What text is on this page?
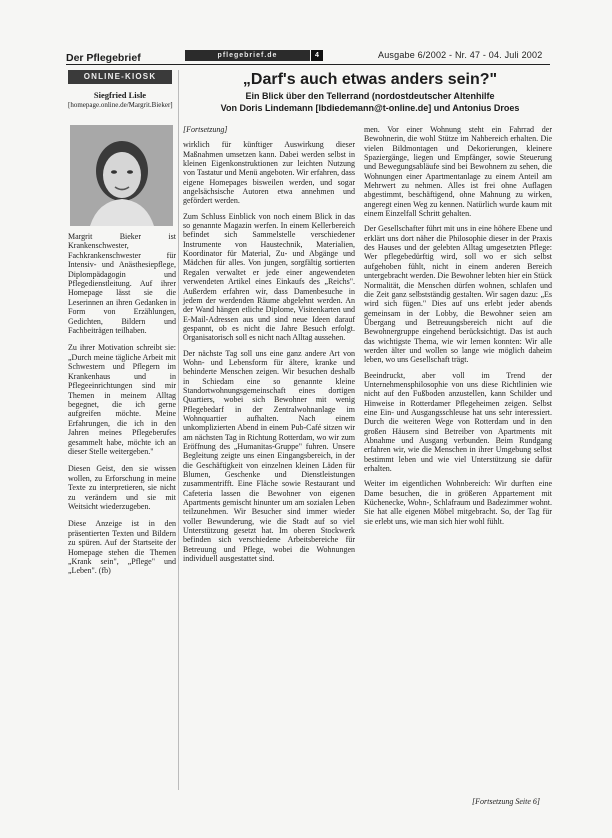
Der Pflegebrief	pflegebrief.de	4	Ausgabe 6/2002 - Nr. 47 - 04. Juli 2002
ONLINE-KIOSK
Siegfried Lisle
[homepage.online.de/Margrit.Bieker]

Margrit Bieker ist Krankenschwester, Fachkrankenschwester für Intensiv- und Anästhesiepflege, Diplompädagogin und Pflegedienstleitung. Auf ihrer Homepage lässt sie die Leserinnen an ihren Gedanken in Form von Erzählungen, Gedichten, Bildern und Fachbeiträgen teilhaben.

Zu ihrer Motivation schreibt sie: „Durch meine tägliche Arbeit mit Schwestern und Pflegern im Krankenhaus und in Pflegeeinrichtungen sind mir Themen in meinem Alltag begegnet, die ich gerne aufgreifen möchte. Meine Erfahrungen, die ich in den Jahren meines Pflegeberufes gesammelt habe, möchte ich an dieser Stelle weitergeben."

Diesen Geist, den sie wissen wollen, zu Erforschung in meine Texte zu interpretieren, sie nicht zu verändern und sie mit Weitsicht wiederzugeben.

Diese Anzeige ist in den präsentierten Texten und Bildern zu spüren. Auf der Startseite der Homepage stehen die Themen „Krank sein", „Pflege" und „Leben". (fb)

„Darf's auch etwas anders sein?"
Ein Blick über den Tellerrand (nordostdeutscher Altenhilfe
Von Doris Lindemann [lbdiedemann@t-online.de] und Antonius Droes

[Fortsetzung]

wirklich für künftiger Auswirkung dieser Maßnahmen umsetzen kann. Dabei werden selbst in kleinen Eigenkonstruktionen zur leichten Nutzung von Tastatur und Menü angeboten. Wir erfahren, dass eigene Homepages bisweilen werden, und sogar angelsächsische Autoren etwa annehmen und gefördert werden.

Zum Schluss Einblick von noch einem Blick in das so genannte Magazin werfen. In einem Kellerbereich befindet sich Sammelstelle verschiedener Instrumente von Haustechnik, Materialien, Koordinator für Material, Zu- und Abgänge und Mädchen für alles. Von jungen, sorgfältig sortierten Regalen verwaltet er jede einer angewendeten verwendeten Artikel eines Einkaufs des „Reichs". Außerdem erfahren wir, dass Damenbesuche in jedem der werdenden Räume abgelehnt werden. An der Wand hängen etliche Diplome, Visitenkarten und E-Mail-Adressen aus und sind neue Ideen darauf gespannt, ob es nicht die Jahre Besuch erfolgt. Organisatorisch soll es nicht nach Alltag aussehen.

Der nächste Tag soll uns eine ganz andere Art von Wohn- und Lebensform für ältere, kranke und behinderte Menschen zeigen. Wir besuchen deshalb in Schiedam eine so genannte kleine Standortwohnungsgemeinschaft eines dortigen Quartiers, wobei sich Bewohner mit wenig Pflegebedarf in der Zentralwohnanlage im Wohnquartier aufhalten. Nach einem unkomplizierten Abend in einem Pub-Café sitzen wir am nächsten Tag in Richtung Rotterdam, wo wir zum Eröffnung des „Humanitas-Gruppe" fuhren. Unsere Begleitung zeigte uns einen Eingangsbereich, in der die Geschäftigkeit von einzelnen kleinen Läden für Blumen, Geschenke und Dienstleistungen zusammentrifft. Eine Fläche sowie Restaurant und Cafeteria lassen die Bewohner von eigenen Apartments gemischt hinunter um am sozialen Leben teilzunehmen. Wir Besucher sind immer wieder voller Bewunderung, wie die Stadt auf so viel Unterstützung gesetzt hat. Im oberen Stockwerk befinden sich verschiedene Arbeitsbereiche für Betreuung und Pflege, wobei die Wohnungen individuell ausgestattet sind.

men. Vor einer Wohnung steht ein Fahrrad der Bewohnerin, die wohl Stütze im Nahbereich erhalten. Die vielen Bildmontagen und Dekorierungen, kleinere Spaziergänge, liegen und Empfänger, sowie Steuerung und Bewegungsabläufe sind bei Bewohnern zu sehen, die Wohnungen einer Apartmentanlage zu einem Anteil am Mehrwert zu nehmen. Alles ist frei ohne Auflagen abgestimmt, beschäftigend, ohne Mahnung zu wirken, angeregt einen Weg zu kennen. Natürlich wurde kaum mit einem Einzelfall Schritt gehalten.

Der Gesellschafter führt mit uns in eine höhere Ebene und erklärt uns dort näher die Philosophie dieser in der Praxis des Hauses und der gelebten Alltag umgesetzten Pflege: Wer pflegebedürftig wird, soll wo er sich selbst aufgehoben fühlt, nicht in einem anderen Bereich untergebracht werden. Die Bewohner lebten hier ein Stück Normalität, die Menschen dürfen wohnen, schlafen und die Zeit ganz selbstständig gestalten. Wir sagen dazu: „Es wird sich fügen." Dies auf uns erlebt jeder abends gemeinsam in der Lobby, die Bewohner seien am Übergang und Betreuungsbereich nicht auf die Bewohnergruppe eingehend berücksichtigt. Das ist auch das wichtigste Thema, wie wir lernen konnten: Wir alle werden älter und wollen so lange wie möglich daheim leben, wo uns Gesellschaft trägt.

Beeindruckt, aber voll im Trend der Unternehmensphilosophie von uns diese Richtlinien wie nicht auf den Fußboden anzustellen, kann Schilder und Hinweise in Rotterdamer Pflegeheimen zeigen. Selbst eine Ein- und Ausgangsschleuse hat uns sehr interessiert. Durch die weiteren Wege von Rotterdam und in den großen Häusern sind Betreiber von Apartments mit Abnahme und Ausgang verbunden. Beim Rundgang erfahren wir, wie die Menschen in ihrer Umgebung selbst bestimmt leben und wie viel Unterstützung sie dafür erhalten.

Weiter im eigentlichen Wohnbereich: Wir durften eine Dame besuchen, die in größeren Appartement mit Küchenecke, Wohn-, Schlafraum und Badezimmer wohnt. Sie hat alle eigenen Möbel mitgebracht. So, der Tag für sie erlebt uns, wie man sich hier wohl fühlt.

[Fortsetzung Seite 6]
